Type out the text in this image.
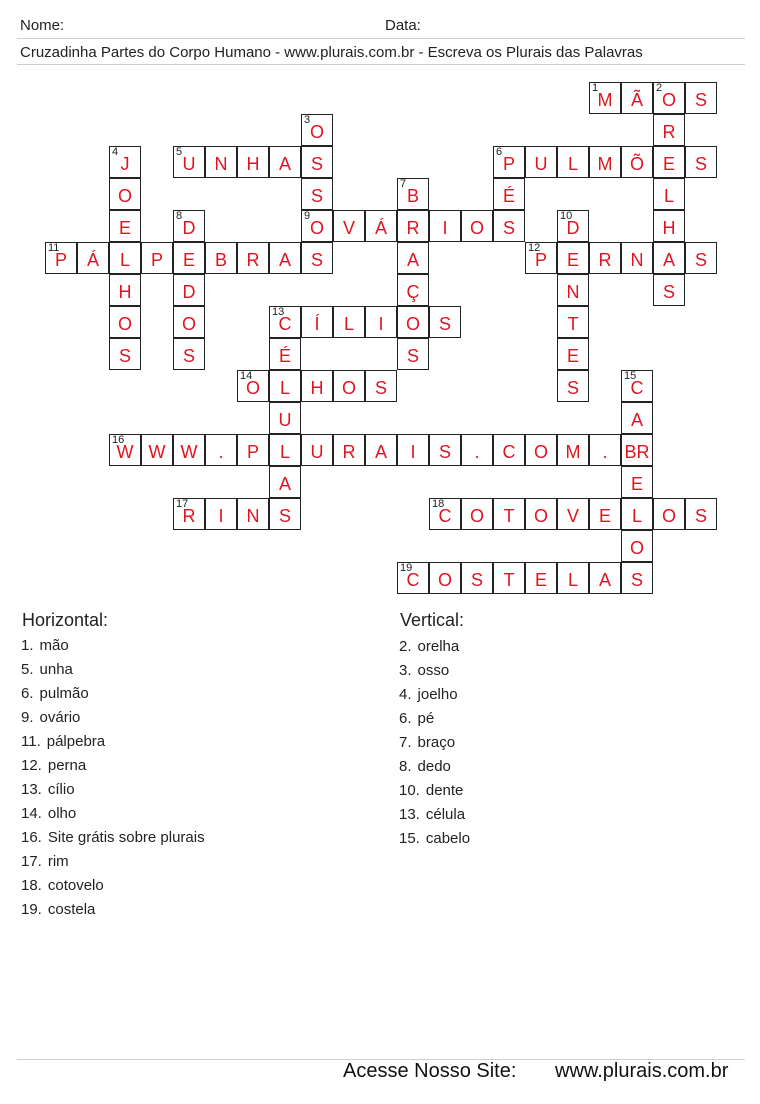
Nome:	Data:
Cruzadinha Partes do Corpo Humano - www.plurais.com.br - Escreva os Plurais das Palavras
1
M	Ã
2
O	S
5
U	N	H	A	S
6
P	U	L	M Õ	E	S
9
O	V	Á	R	I	O	S
11
P	Á	L	P	E	B	R	A	S
12
P	E	R	N	A	S
13
C	Í	L	I	O	S
14
O	L	H	O	S
16
W W W	.	P	L	U	R	A	I	S	.	C	O M	. BR
17
R	I	N	S
18
C	O	T	O	V	E	L	O	S
19
C	O	S	T	E	L	A	S
R
L
H
S
3
O
S
4
J
O
E
H
O
S
É
7
B
A
Ç
S
8
D
D
O
S
10
D
N
T
E
S
É
U
A
15
C
A
E
O
Horizontal:
1. mão
5. unha
6. pulmão
9. ovário
11. pálpebra
12. perna
13. cílio
14. olho
16. Site grátis sobre plurais
17. rim
18. cotovelo
19. costela
Vertical:
2. orelha
3. osso
4. joelho
6. pé
7. braço
8. dedo
10. dente
13. célula
15. cabelo
Acesse Nosso Site: www.plurais.com.br
